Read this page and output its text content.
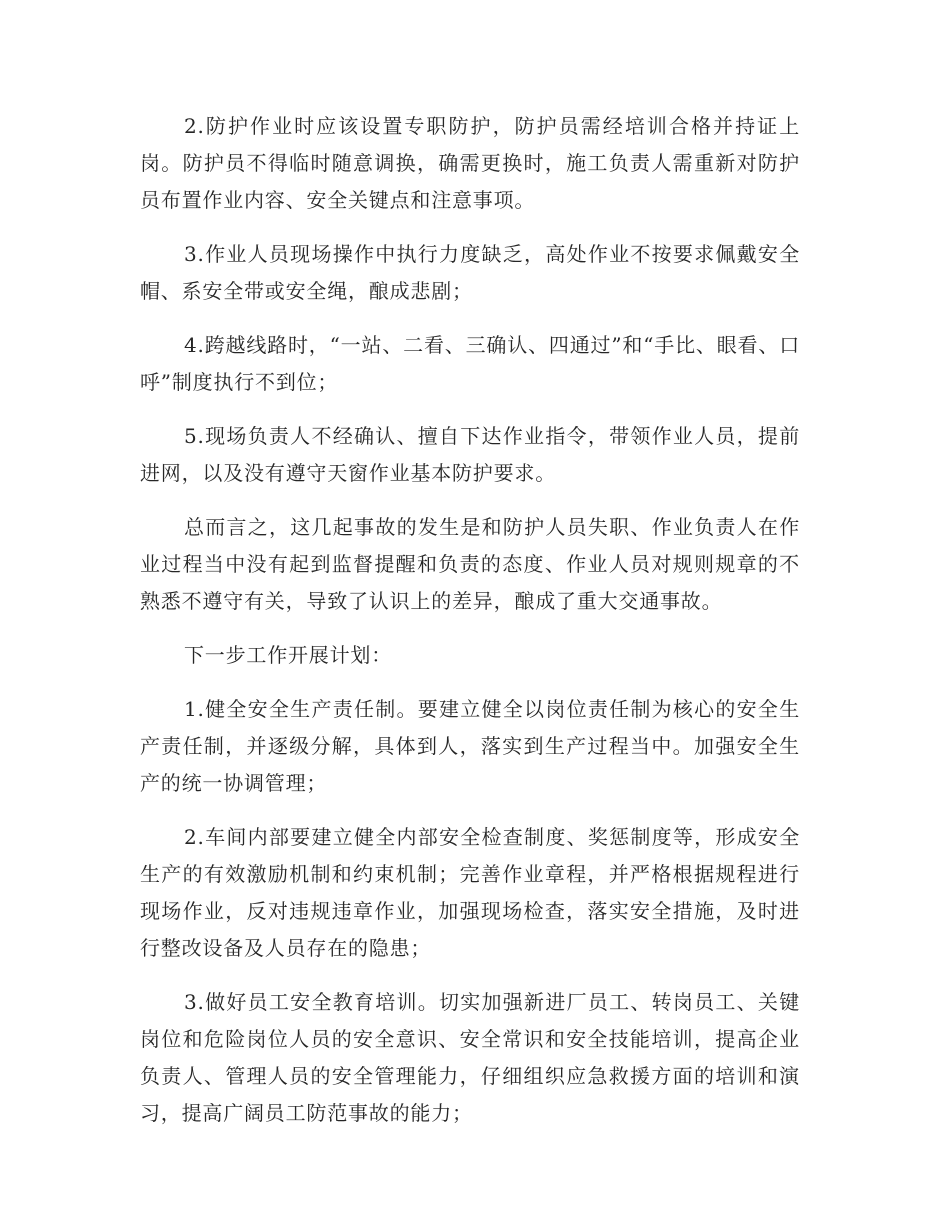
2.防护作业时应该设置专职防护，防护员需经培训合格并持证上岗。防护员不得临时随意调换，确需更换时，施工负责人需重新对防护员布置作业内容、安全关键点和注意事项。

3.作业人员现场操作中执行力度缺乏，高处作业不按要求佩戴安全帽、系安全带或安全绳，酿成悲剧；

4.跨越线路时，“一站、二看、三确认、四通过”和“手比、眼看、口呼”制度执行不到位；

5.现场负责人不经确认、擅自下达作业指令，带领作业人员，提前进网，以及没有遵守天窗作业基本防护要求。

总而言之，这几起事故的发生是和防护人员失职、作业负责人在作业过程当中没有起到监督提醒和负责的态度、作业人员对规则规章的不熟悉不遵守有关，导致了认识上的差异，酿成了重大交通事故。

下一步工作开展计划：

1.健全安全生产责任制。要建立健全以岗位责任制为核心的安全生产责任制，并逐级分解，具体到人，落实到生产过程当中。加强安全生产的统一协调管理；

2.车间内部要建立健全内部安全检查制度、奖惩制度等，形成安全生产的有效激励机制和约束机制；完善作业章程，并严格根据规程进行现场作业，反对违规违章作业，加强现场检查，落实安全措施，及时进行整改设备及人员存在的隐患；

3.做好员工安全教育培训。切实加强新进厂员工、转岗员工、关键岗位和危险岗位人员的安全意识、安全常识和安全技能培训，提高企业负责人、管理人员的安全管理能力，仔细组织应急救援方面的培训和演习，提高广阔员工防范事故的能力；
